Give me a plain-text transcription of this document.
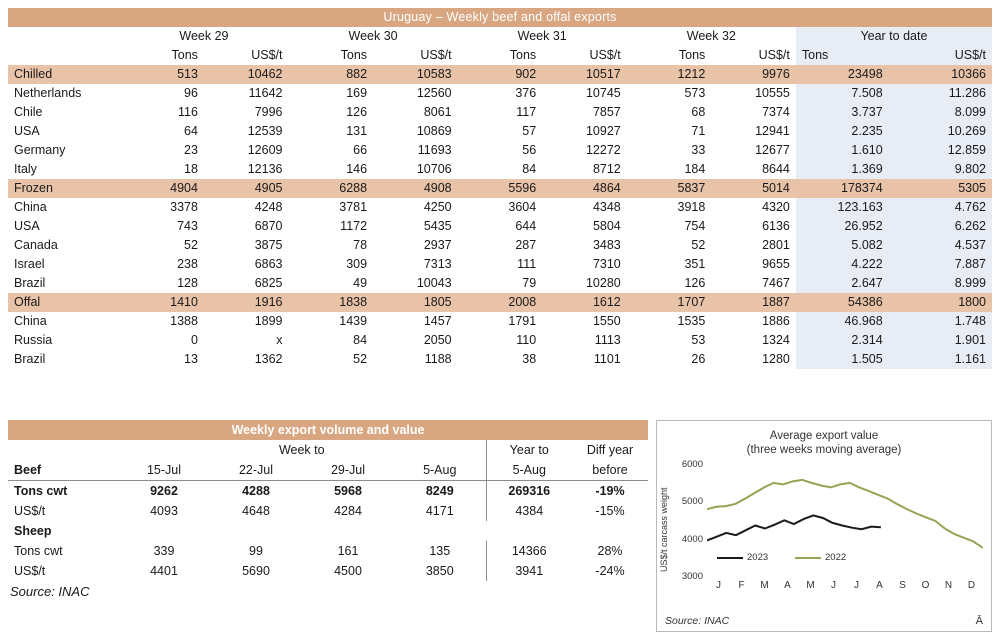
Uruguay – Weekly beef and offal exports										
	Week 29		Week 30		Week 31		Week 32		Year to date	
	Tons	US$/t	Tons	US$/t	Tons	US$/t	Tons	US$/t	Tons	US$/t
Chilled	513	10462	882	10583	902	10517	1212	9976	23498	10366
Netherlands	96	11642	169	12560	376	10745	573	10555	7.508	11.286
Chile	116	7996	126	8061	117	7857	68	7374	3.737	8.099
USA	64	12539	131	10869	57	10927	71	12941	2.235	10.269
Germany	23	12609	66	11693	56	12272	33	12677	1.610	12.859
Italy	18	12136	146	10706	84	8712	184	8644	1.369	9.802
Frozen	4904	4905	6288	4908	5596	4864	5837	5014	178374	5305
China	3378	4248	3781	4250	3604	4348	3918	4320	123.163	4.762
USA	743	6870	1172	5435	644	5804	754	6136	26.952	6.262
Canada	52	3875	78	2937	287	3483	52	2801	5.082	4.537
Israel	238	6863	309	7313	111	7310	351	9655	4.222	7.887
Brazil	128	6825	49	10043	79	10280	126	7467	2.647	8.999
Offal	1410	1916	1838	1805	2008	1612	1707	1887	54386	1800
China	1388	1899	1439	1457	1791	1550	1535	1886	46.968	1.748
Russia	0	x	84	2050	110	1113	53	1324	2.314	1.901
Brazil	13	1362	52	1188	38	1101	26	1280	1.505	1.161
Weekly export volume and value						
	Week to				Year to	Diff year
Beef	15-Jul	22-Jul	29-Jul	5-Aug	5-Aug	before
Tons cwt	9262	4288	5968	8249	269316	-19%
US$/t	4093	4648	4284	4171	4384	-15%
Sheep						
Tons cwt	339	99	161	135	14366	28%
US$/t	4401	5690	4500	3850	3941	-24%
Source: INAC
Average export value
(three weeks moving average)
US$/t carcass weight
3000
4000
5000
6000
2023	2022
J	F	M	A	M	J	J	A	S	O	N	D
Source: INAC	Ā
